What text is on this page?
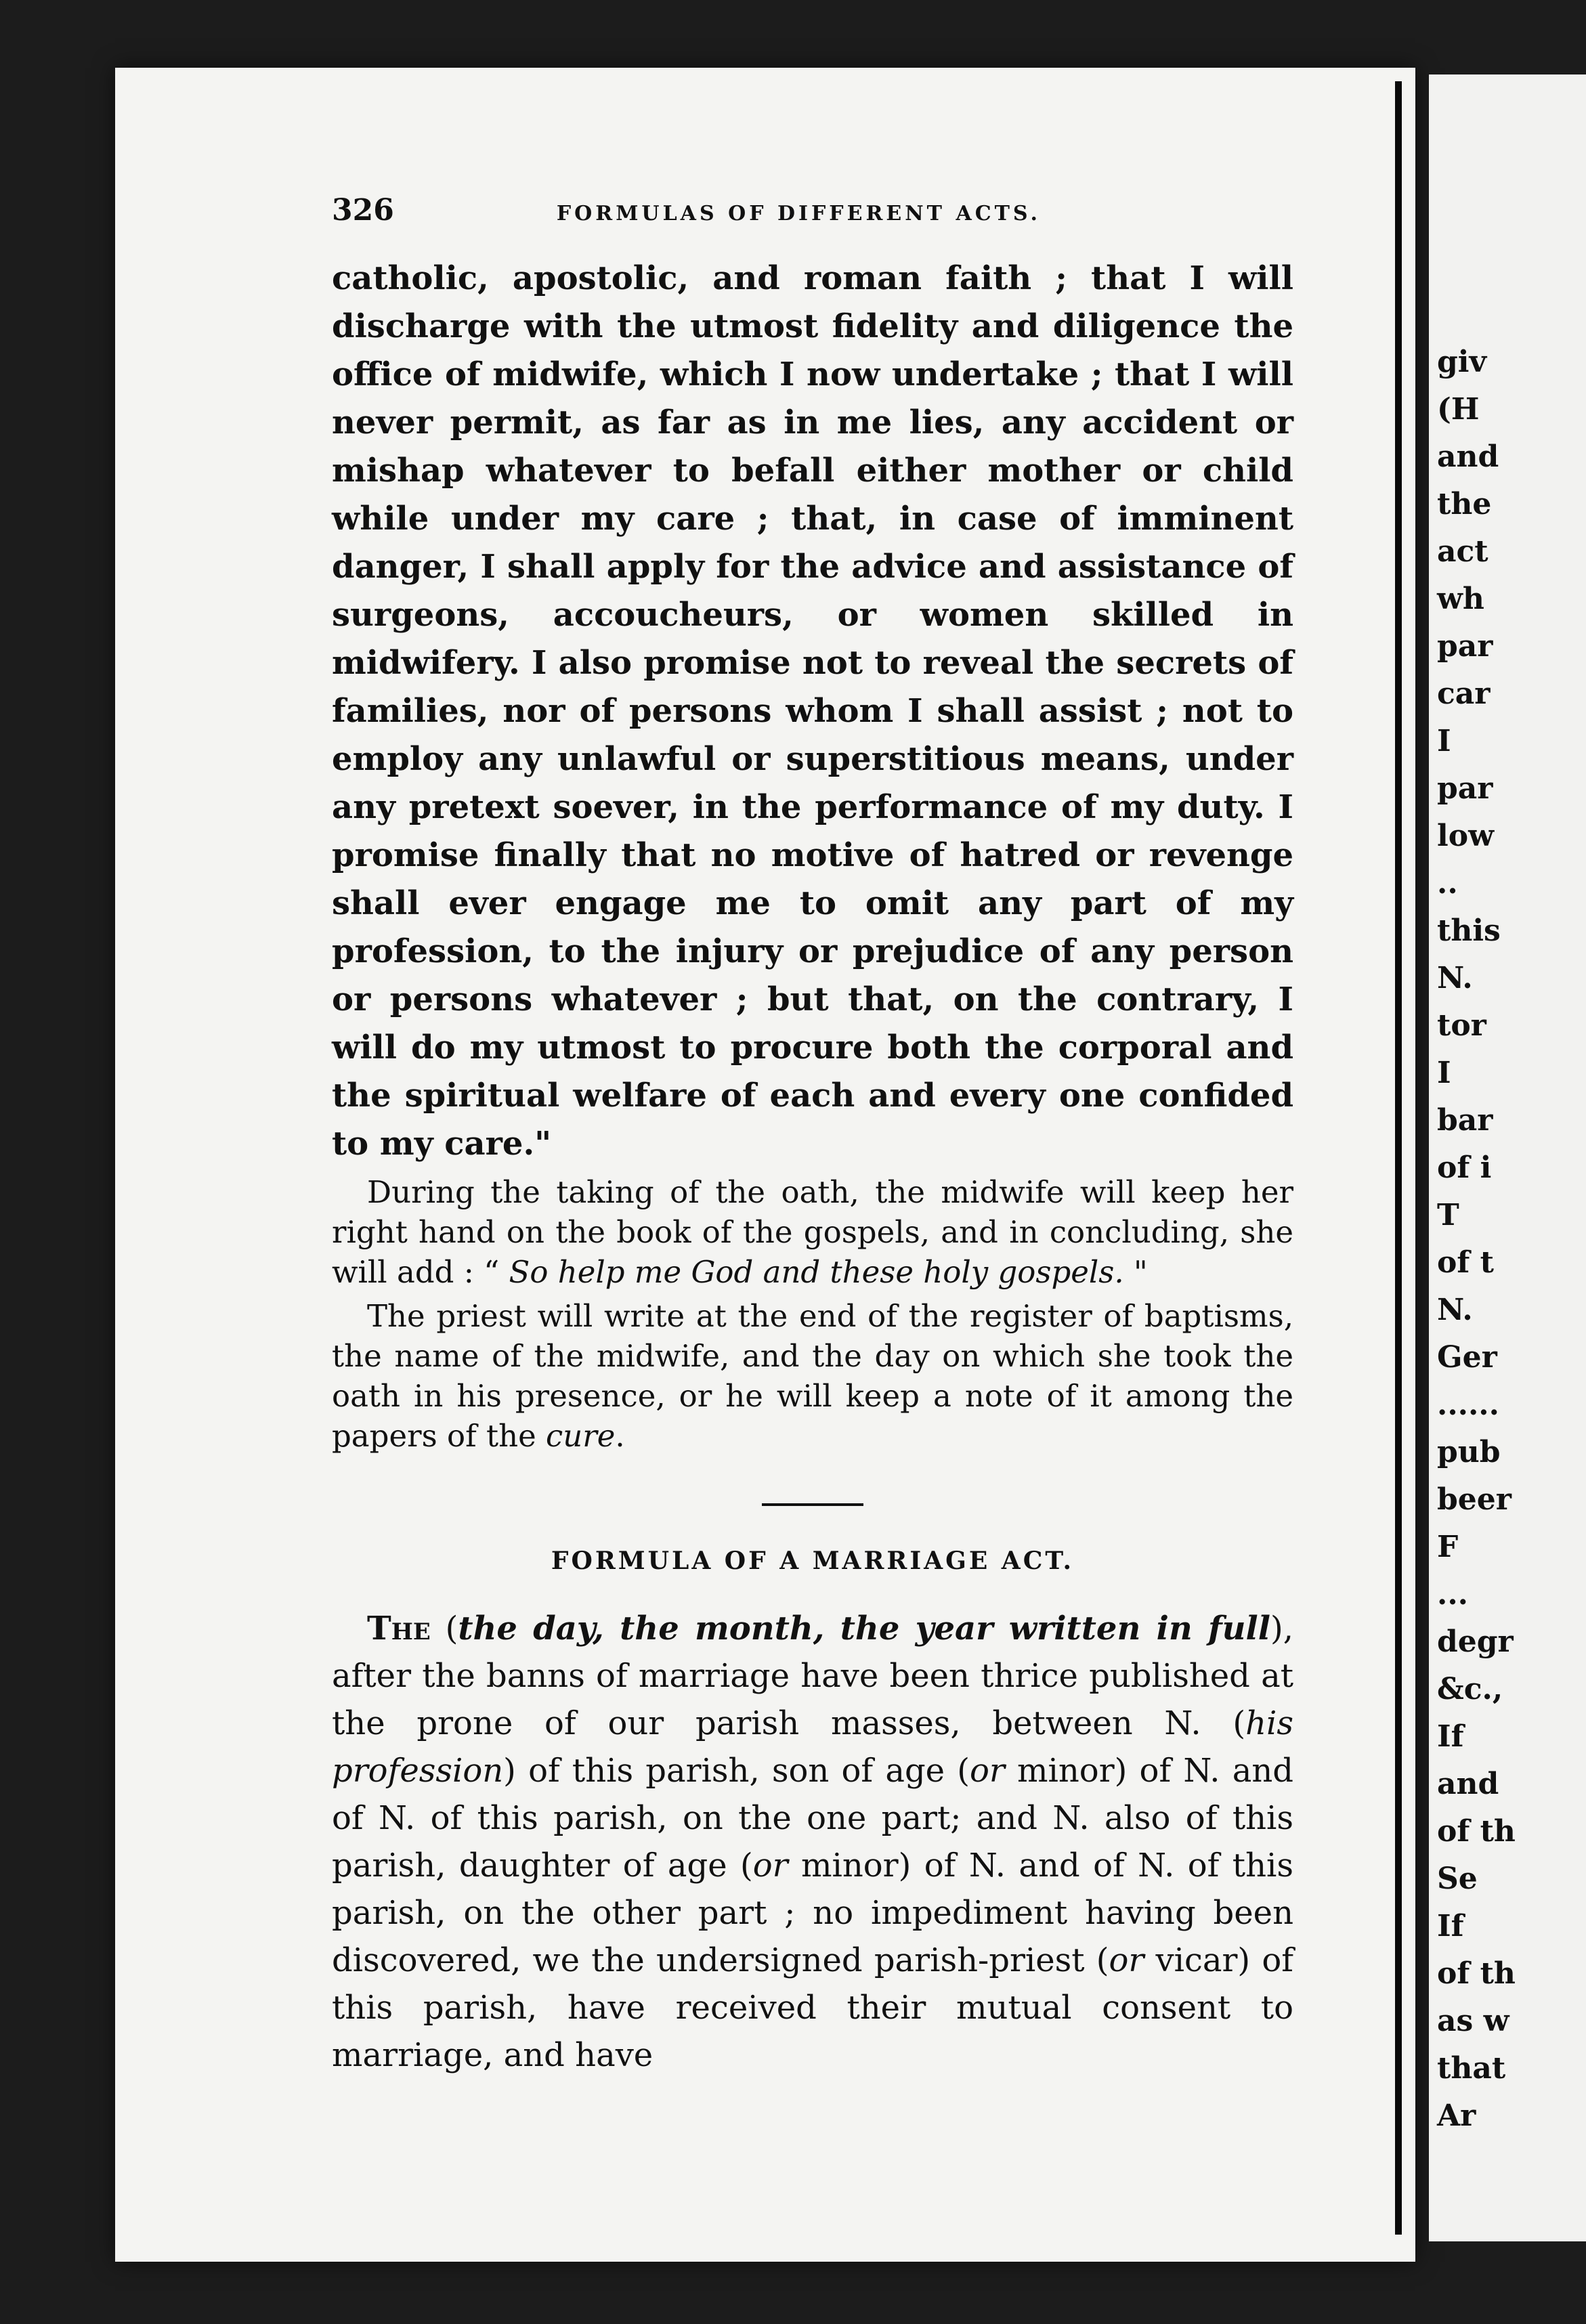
giv
(H
and
the
act
wh
par
car
I
par
low
..
this
N.
tor
I
bar
of i
T
of t
N.
Ger
......
pub
beer
F
...
degr
&c.,
If
and
of th
Se
If
of th
as w
that
Ar
326	FORMULAS OF DIFFERENT ACTS.

catholic, apostolic, and roman faith ; that I will discharge with the utmost fidelity and diligence the office of midwife, which I now undertake ; that I will never permit, as far as in me lies, any accident or mishap whatever to befall either mother or child while under my care ; that, in case of imminent danger, I shall apply for the advice and assistance of surgeons, accoucheurs, or women skilled in midwifery. I also promise not to reveal the secrets of families, nor of persons whom I shall assist ; not to employ any unlawful or superstitious means, under any pretext soever, in the performance of my duty. I promise finally that no motive of hatred or revenge shall ever engage me to omit any part of my profession, to the injury or prejudice of any person or persons whatever ; but that, on the contrary, I will do my utmost to procure both the corporal and the spiritual welfare of each and every one confided to my care."

During the taking of the oath, the midwife will keep her right hand on the book of the gospels, and in concluding, she will add : “ So help me God and these holy gospels. "

The priest will write at the end of the register of baptisms, the name of the midwife, and the day on which she took the oath in his presence, or he will keep a note of it among the papers of the cure.

FORMULA OF A MARRIAGE ACT.

The (the day, the month, the year written in full), after the banns of marriage have been thrice published at the prone of our parish masses, between N. (his profession) of this parish, son of age (or minor) of N. and of N. of this parish, on the one part; and N. also of this parish, daughter of age (or minor) of N. and of N. of this parish, on the other part ; no impediment having been discovered, we the undersigned parish-priest (or vicar) of this parish, have received their mutual consent to marriage, and have
